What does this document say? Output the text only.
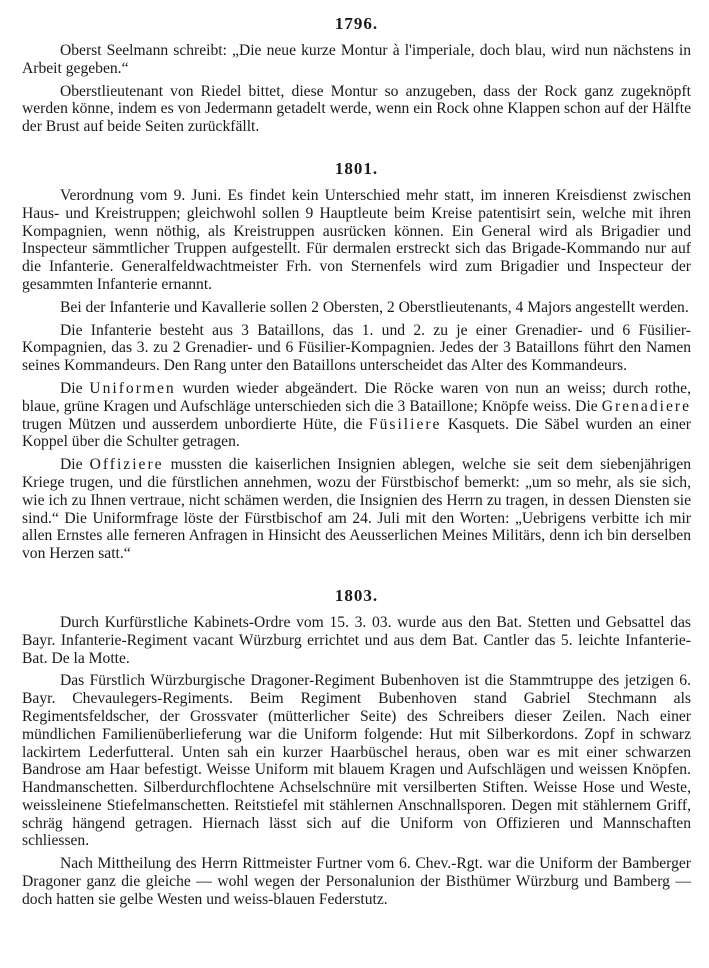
1796.

Oberst Seelmann schreibt: „Die neue kurze Montur à l'imperiale, doch blau, wird nun nächstens in Arbeit gegeben.“

Oberstlieutenant von Riedel bittet, diese Montur so anzugeben, dass der Rock ganz zugeknöpft werden könne, indem es von Jedermann getadelt werde, wenn ein Rock ohne Klappen schon auf der Hälfte der Brust auf beide Seiten zurückfällt.

1801.

Verordnung vom 9. Juni. Es findet kein Unterschied mehr statt, im inneren Kreisdienst zwischen Haus- und Kreistruppen; gleichwohl sollen 9 Hauptleute beim Kreise patentisirt sein, welche mit ihren Kompagnien, wenn nöthig, als Kreistruppen ausrücken können. Ein General wird als Brigadier und Inspecteur sämmtlicher Truppen aufgestellt. Für dermalen erstreckt sich das Brigade-Kommando nur auf die Infanterie. Generalfeldwachtmeister Frh. von Sternenfels wird zum Brigadier und Inspecteur der gesammten Infanterie ernannt.

Bei der Infanterie und Kavallerie sollen 2 Obersten, 2 Oberstlieutenants, 4 Majors angestellt werden.

Die Infanterie besteht aus 3 Bataillons, das 1. und 2. zu je einer Grenadier- und 6 Füsilier-Kompagnien, das 3. zu 2 Grenadier- und 6 Füsilier-Kompagnien. Jedes der 3 Bataillons führt den Namen seines Kommandeurs. Den Rang unter den Bataillons unterscheidet das Alter des Kommandeurs.

Die Uniformen wurden wieder abgeändert. Die Röcke waren von nun an weiss; durch rothe, blaue, grüne Kragen und Aufschläge unterschieden sich die 3 Bataillone; Knöpfe weiss. Die Grenadiere trugen Mützen und ausserdem unbordierte Hüte, die Füsiliere Kasquets. Die Säbel wurden an einer Koppel über die Schulter getragen.

Die Offiziere mussten die kaiserlichen Insignien ablegen, welche sie seit dem siebenjährigen Kriege trugen, und die fürstlichen annehmen, wozu der Fürstbischof bemerkt: „um so mehr, als sie sich, wie ich zu Ihnen vertraue, nicht schämen werden, die Insignien des Herrn zu tragen, in dessen Diensten sie sind.“ Die Uniformfrage löste der Fürstbischof am 24. Juli mit den Worten: „Uebrigens verbitte ich mir allen Ernstes alle ferneren Anfragen in Hinsicht des Aeusserlichen Meines Militärs, denn ich bin derselben von Herzen satt.“

1803.

Durch Kurfürstliche Kabinets-Ordre vom 15. 3. 03. wurde aus den Bat. Stetten und Gebsattel das Bayr. Infanterie-Regiment vacant Würzburg errichtet und aus dem Bat. Cantler das 5. leichte Infanterie-Bat. De la Motte.

Das Fürstlich Würzburgische Dragoner-Regiment Bubenhoven ist die Stammtruppe des jetzigen 6. Bayr. Chevaulegers-Regiments. Beim Regiment Bubenhoven stand Gabriel Stechmann als Regimentsfeldscher, der Grossvater (mütterlicher Seite) des Schreibers dieser Zeilen. Nach einer mündlichen Familienüberlieferung war die Uniform folgende: Hut mit Silberkordons. Zopf in schwarz lackirtem Lederfutteral. Unten sah ein kurzer Haarbüschel heraus, oben war es mit einer schwarzen Bandrose am Haar befestigt. Weisse Uniform mit blauem Kragen und Aufschlägen und weissen Knöpfen. Handmanschetten. Silberdurchflochtene Achselschnüre mit versilberten Stiften. Weisse Hose und Weste, weissleinene Stiefelmanschetten. Reitstiefel mit stählernen Anschnallsporen. Degen mit stählernem Griff, schräg hängend getragen. Hiernach lässt sich auf die Uniform von Offizieren und Mannschaften schliessen.

Nach Mittheilung des Herrn Rittmeister Furtner vom 6. Chev.-Rgt. war die Uniform der Bamberger Dragoner ganz die gleiche — wohl wegen der Personalunion der Bisthümer Würzburg und Bamberg — doch hatten sie gelbe Westen und weiss-blauen Federstutz.
